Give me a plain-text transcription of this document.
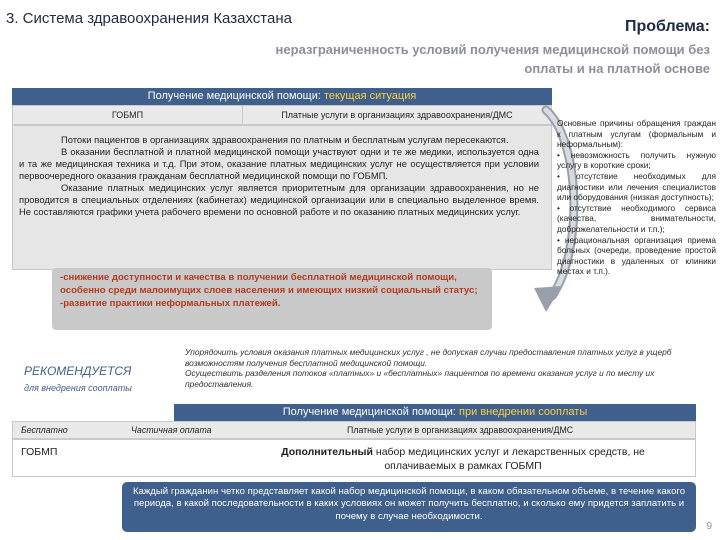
3. Система здравоохранения Казахстана	Проблема:
неразграниченность условий получения медицинской помощи без оплаты и на платной основе
Получение медицинской помощи: текущая ситуация
ГОБМП	Платные услуги в организациях здравоохранения/ДМС

Потоки пациентов в организациях здравоохранения по платным и бесплатным услугам пересекаются.

В оказании бесплатной и платной медицинской помощи участвуют одни и те же медики, используется одна и та же медицинская техника и т.д. При этом, оказание платных медицинских услуг не осуществляется при условии первоочередного оказания гражданам бесплатной медицинской помощи по ГОБМП.

Оказание платных медицинских услуг является приоритетным для организации здравоохранения, но не проводится в специальных отделениях (кабинетах) медицинской организации или в специально выделенное время. Не составляются графики учета рабочего времени по основной работе и по оказанию платных медицинских услуг.

-снижение доступности и качества в получении бесплатной медицинской помощи, особенно среди малоимущих слоев населения и имеющих низкий социальный статус;
-развитие практики неформальных платежей.
Основные причины обращения граждан к платным услугам (формальным и неформальным):
• невозможность получить нужную услугу в короткие сроки;
• отсутствие необходимых для диагностики или лечения специалистов или оборудования (низкая доступность);
• отсутствие необходимого сервиса (качества, внимательности, доброжелательности и т.п.);
• нерациональная организация приема больных (очереди, проведение простой диагностики в удаленных от клиники местах и т.п.).
РЕКОМЕНДУЕТСЯ
для внедрения сооплаты
Упорядочить условия оказания платных медицинских услуг , не допуская случаи предоставления платных услуг в ущерб возможностям получения бесплатной медицинской помощи.
Осуществить разделения потоков «платных» и «бесплатных» пациентов по времени оказания услуг и по месту их предоставления.
Получение медицинской помощи: при внедрении сооплаты
Бесплатно	Частичная оплата	Платные услуги в организациях здравоохранения/ДМС
ГОБМП	Дополнительный набор медицинских услуг и лекарственных средств, не оплачиваемых в рамках ГОБМП
Каждый гражданин четко представляет какой набор медицинской помощи, в каком обязательном объеме, в течение какого периода, в какой последовательности в каких условиях он может получить бесплатно, и сколько ему придется заплатить и почему в случае необходимости.
9
